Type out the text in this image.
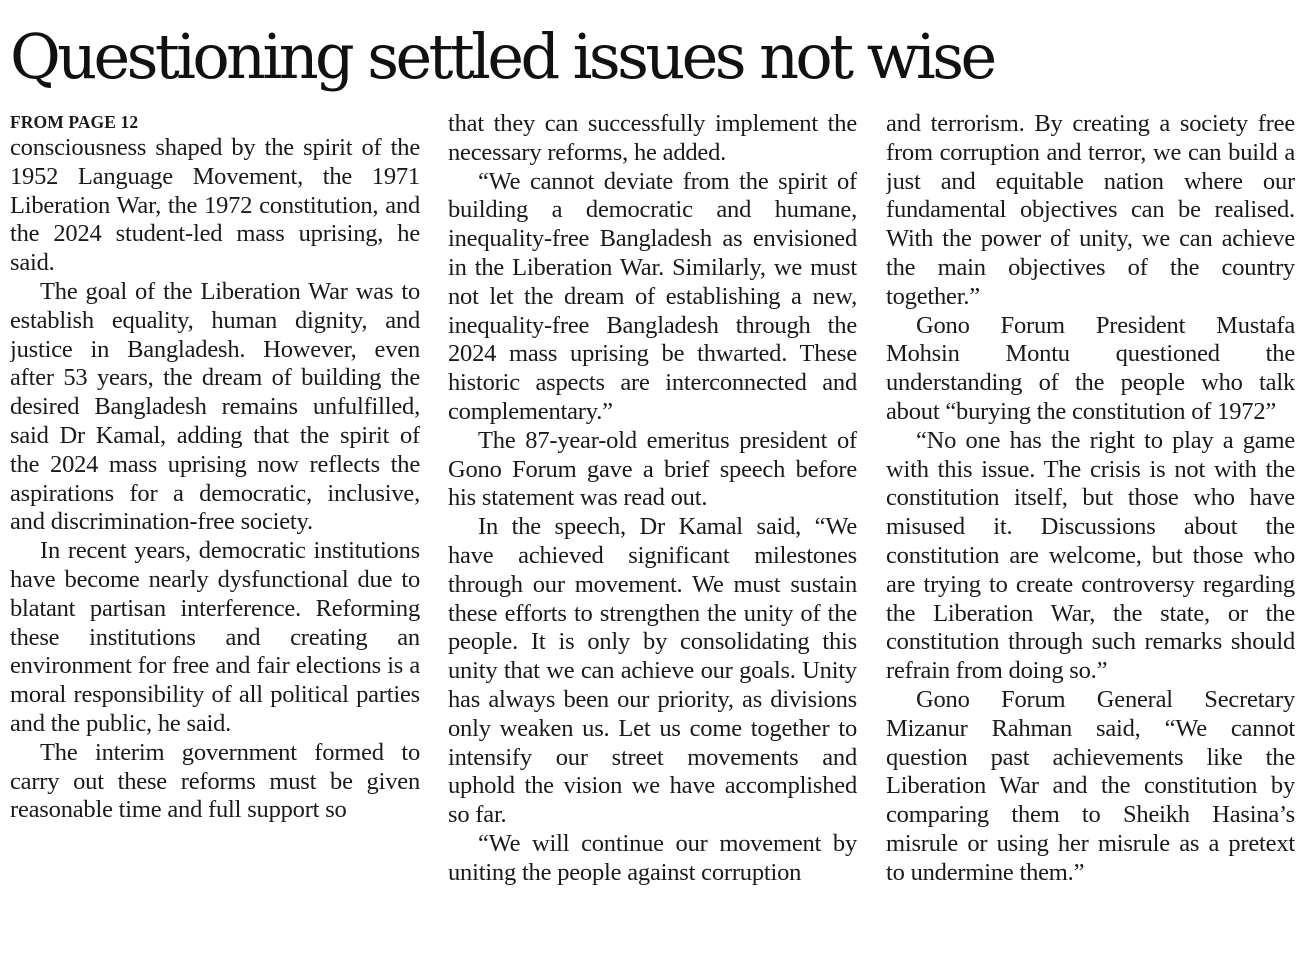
Questioning settled issues not wise
FROM PAGE 12

consciousness shaped by the spirit of the 1952 Language Movement, the 1971 Liberation War, the 1972 constitution, and the 2024 student-led mass uprising, he said.

The goal of the Liberation War was to establish equality, human dignity, and justice in Bangladesh. However, even after 53 years, the dream of building the desired Bangladesh remains unfulfilled, said Dr Kamal, adding that the spirit of the 2024 mass uprising now reflects the aspirations for a democratic, inclusive, and discrimination-free society.

In recent years, democratic institutions have become nearly dysfunctional due to blatant partisan interference. Reforming these institutions and creating an environment for free and fair elections is a moral responsibility of all political parties and the public, he said.

The interim government formed to carry out these reforms must be given reasonable time and full support so

that they can successfully implement the necessary reforms, he added.

“We cannot deviate from the spirit of building a democratic and humane, inequality-free Bangladesh as envisioned in the Liberation War. Similarly, we must not let the dream of establishing a new, inequality-free Bangladesh through the 2024 mass uprising be thwarted. These historic aspects are interconnected and complementary.”

The 87-year-old emeritus president of Gono Forum gave a brief speech before his statement was read out.

In the speech, Dr Kamal said, “We have achieved significant milestones through our movement. We must sustain these efforts to strengthen the unity of the people. It is only by consolidating this unity that we can achieve our goals. Unity has always been our priority, as divisions only weaken us. Let us come together to intensify our street movements and uphold the vision we have accomplished so far.

“We will continue our movement by uniting the people against corruption

and terrorism. By creating a society free from corruption and terror, we can build a just and equitable nation where our fundamental objectives can be realised. With the power of unity, we can achieve the main objectives of the country together.”

Gono Forum President Mustafa Mohsin Montu questioned the understanding of the people who talk about “burying the constitution of 1972”

“No one has the right to play a game with this issue. The crisis is not with the constitution itself, but those who have misused it. Discussions about the constitution are welcome, but those who are trying to create controversy regarding the Liberation War, the state, or the constitution through such remarks should refrain from doing so.”

Gono Forum General Secretary Mizanur Rahman said, “We cannot question past achievements like the Liberation War and the constitution by comparing them to Sheikh Hasina’s misrule or using her misrule as a pretext to undermine them.”
